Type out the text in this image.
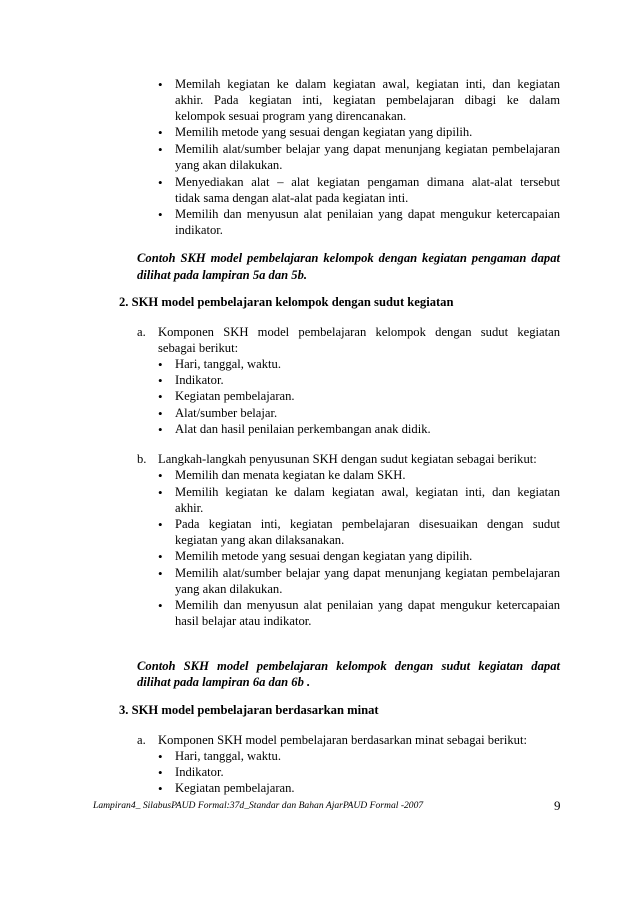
• Memilah kegiatan ke dalam kegiatan awal, kegiatan inti, dan kegiatan
akhir. Pada kegiatan inti, kegiatan pembelajaran dibagi ke dalam
kelompok sesuai program yang direncanakan.
• Memilih metode yang sesuai dengan kegiatan yang dipilih.
• Memilih alat/sumber belajar yang dapat menunjang kegiatan pembelajaran
yang akan dilakukan.
• Menyediakan alat – alat kegiatan pengaman dimana alat-alat tersebut
tidak sama dengan alat-alat pada kegiatan inti.
• Memilih dan menyusun alat penilaian yang dapat mengukur ketercapaian
indikator.
Contoh SKH model pembelajaran kelompok dengan kegiatan pengaman dapat
dilihat pada lampiran 5a dan 5b.
2. SKH model pembelajaran kelompok dengan sudut kegiatan
a. Komponen SKH model pembelajaran kelompok dengan sudut kegiatan
sebagai berikut:
• Hari, tanggal, waktu.
• Indikator.
• Kegiatan pembelajaran.
• Alat/sumber belajar.
• Alat dan hasil penilaian perkembangan anak didik.
b. Langkah-langkah penyusunan SKH dengan sudut kegiatan sebagai berikut:
• Memilih dan menata kegiatan ke dalam SKH.
• Memilih kegiatan ke dalam kegiatan awal, kegiatan inti, dan kegiatan
akhir.
• Pada kegiatan inti, kegiatan pembelajaran disesuaikan dengan sudut
kegiatan yang akan dilaksanakan.
• Memilih metode yang sesuai dengan kegiatan yang dipilih.
• Memilih alat/sumber belajar yang dapat menunjang kegiatan pembelajaran
yang akan dilakukan.
• Memilih dan menyusun alat penilaian yang dapat mengukur ketercapaian
hasil belajar atau indikator.
Contoh SKH model pembelajaran kelompok dengan sudut kegiatan dapat
dilihat pada lampiran 6a dan 6b .
3. SKH model pembelajaran berdasarkan minat
a. Komponen SKH model pembelajaran berdasarkan minat sebagai berikut:
• Hari, tanggal, waktu.
• Indikator.
• Kegiatan pembelajaran.
Lampiran4_ SilabusPAUD Formal:37d_Standar dan Bahan AjarPAUD Formal -2007	9
